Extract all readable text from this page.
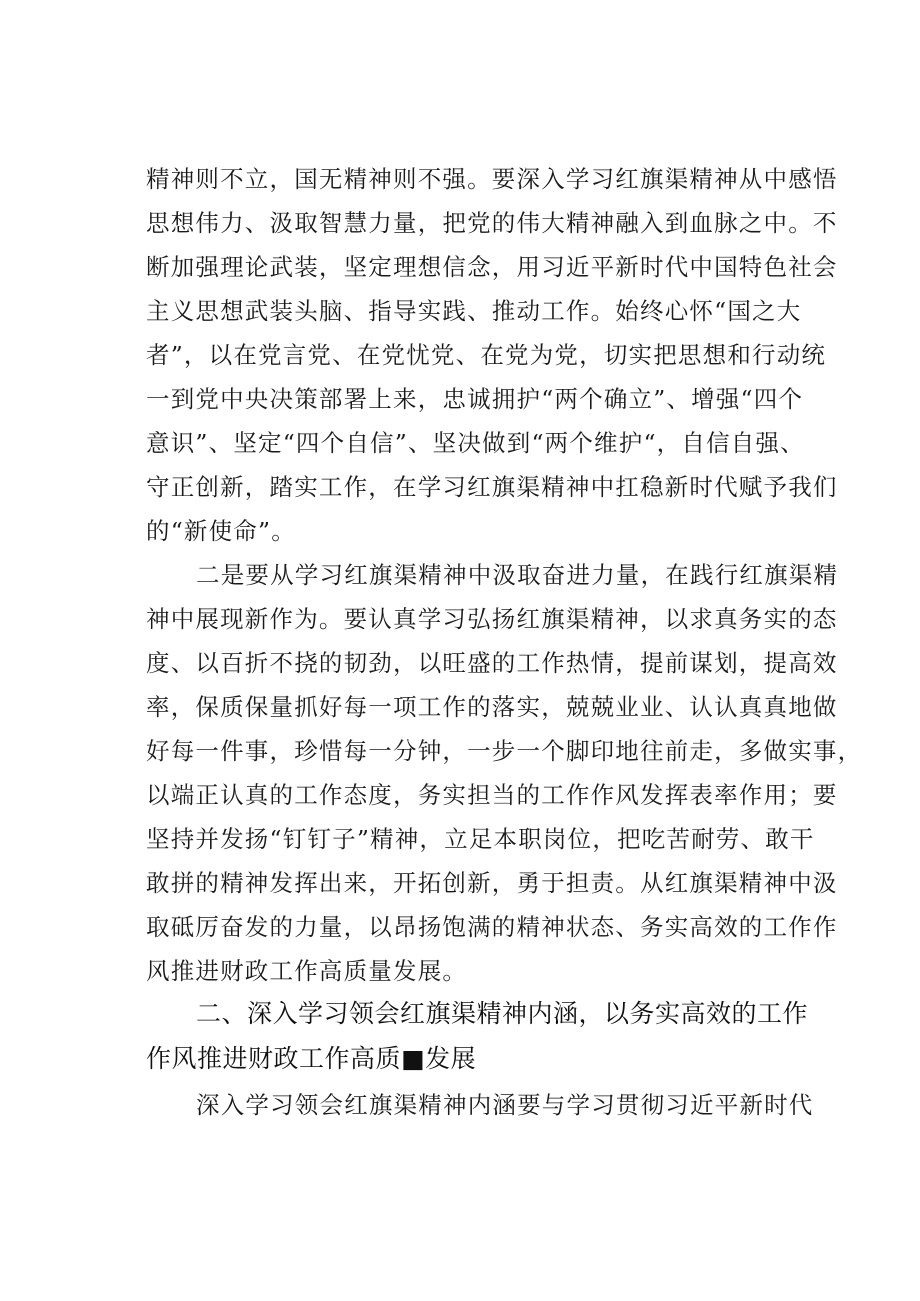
精神则不立，国无精神则不强。要深入学习红旗渠精神从中感悟
思想伟力、汲取智慧力量，把党的伟大精神融入到血脉之中。不
断加强理论武装，坚定理想信念，用习近平新时代中国特色社会
主义思想武装头脑、指导实践、推动工作。始终心怀“国之大
者”，以在党言党、在党忧党、在党为党，切实把思想和行动统
一到党中央决策部署上来，忠诚拥护“两个确立”、增强“四个
意识”、坚定“四个自信”、坚决做到“两个维护“，自信自强、
守正创新，踏实工作，在学习红旗渠精神中扛稳新时代赋予我们
的“新使命”。
二是要从学习红旗渠精神中汲取奋进力量，在践行红旗渠精
神中展现新作为。要认真学习弘扬红旗渠精神，以求真务实的态
度、以百折不挠的韧劲，以旺盛的工作热情，提前谋划，提高效
率，保质保量抓好每一项工作的落实，兢兢业业、认认真真地做
好每一件事，珍惜每一分钟，一步一个脚印地往前走，多做实事，
以端正认真的工作态度，务实担当的工作作风发挥表率作用；要
坚持并发扬“钉钉子”精神，立足本职岗位，把吃苦耐劳、敢干
敢拼的精神发挥出来，开拓创新，勇于担责。从红旗渠精神中汲
取砥厉奋发的力量，以昂扬饱满的精神状态、务实高效的工作作
风推进财政工作高质量发展。
二、深入学习领会红旗渠精神内涵，以务实高效的工作
作风推进财政工作高质■发展
深入学习领会红旗渠精神内涵要与学习贯彻习近平新时代
